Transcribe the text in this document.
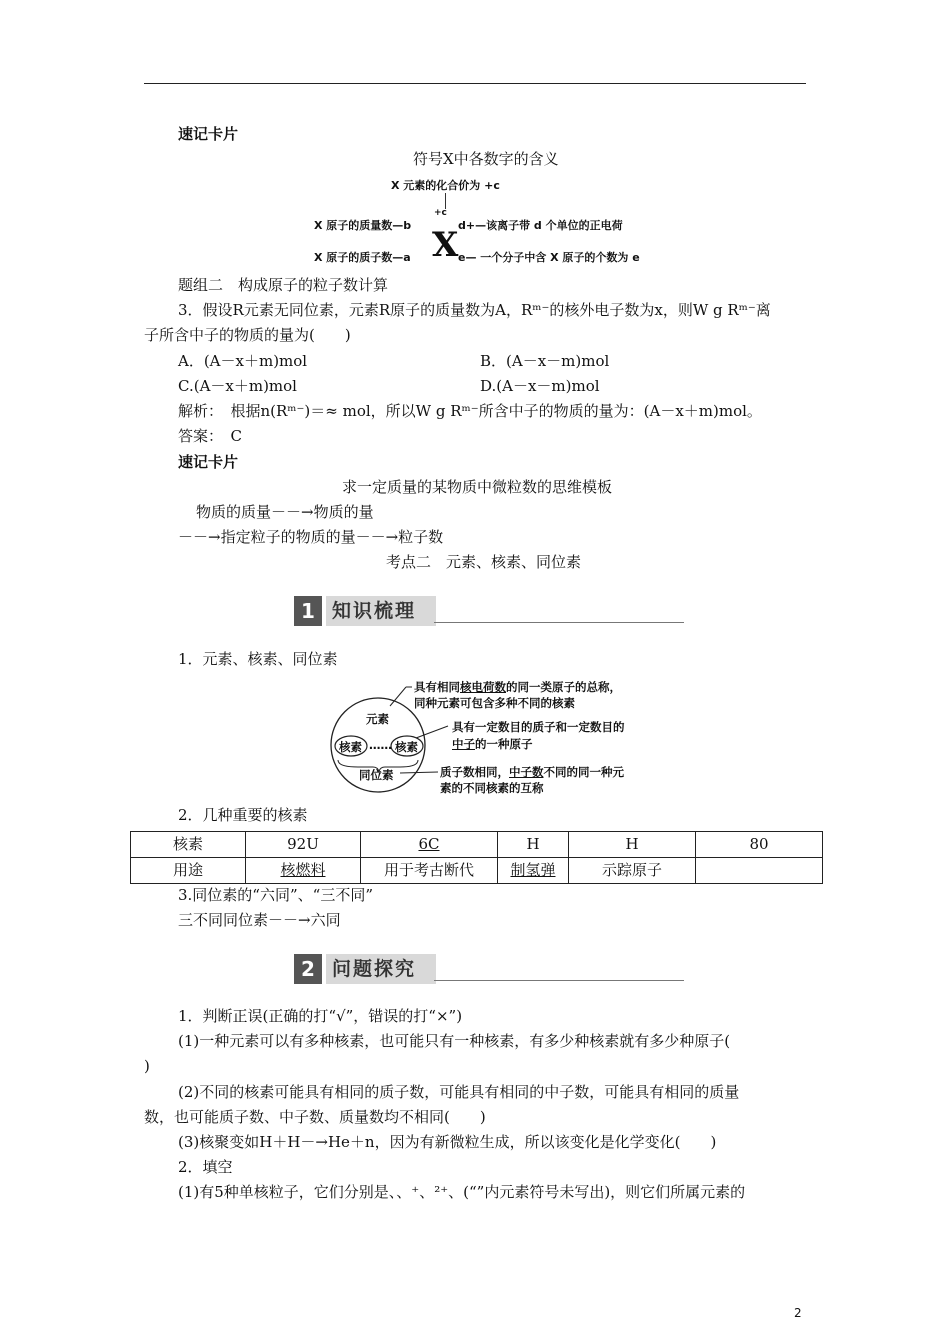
速记卡片
符号X中各数字的含义
X 元素的化合价为 +c
+c
X 原子的质量数—b	d+—该离子带 d 个单位的正电荷
X
X 原子的质子数—a	e— 一个分子中含 X 原子的个数为 e
题组二　构成原子的粒子数计算
3．假设R元素无同位素，元素R原子的质量数为A，Rᵐ⁻的核外电子数为x，则W g Rᵐ⁻离
子所含中子的物质的量为(　　)
A．(A－x＋m)mol	B．(A－x－m)mol
C.(A－x＋m)mol	D.(A－x－m)mol
解析：　根据n(Rᵐ⁻)＝≈ mol，所以W g Rᵐ⁻所含中子的物质的量为：(A－x＋m)mol。
答案：　C
速记卡片
求一定质量的某物质中微粒数的思维模板
物质的质量－－→物质的量
－－→指定粒子的物质的量－－→粒子数
考点二　元素、核素、同位素
1 知识梳理
1．元素、核素、同位素
元素
核素 …… 核素
同位素
具有相同核电荷数的同一类原子的总称，
同种元素可包含多种不同的核素
具有一定数目的质子和一定数目的
中子的一种原子
质子数相同，中子数不同的同一种元
素的不同核素的互称
2．几种重要的核素
核素	92U	6C	H	H	80
用途	核燃料	用于考古断代	制氢弹	示踪原子	
3.同位素的“六同”、“三不同”
三不同同位素－－→六同
2 问题探究
1．判断正误(正确的打“√”，错误的打“×”)
(1)一种元素可以有多种核素，也可能只有一种核素，有多少种核素就有多少种原子(
)
(2)不同的核素可能具有相同的质子数，可能具有相同的中子数，可能具有相同的质量
数，也可能质子数、中子数、质量数均不相同(　　)
(3)核聚变如H＋H－→He＋n，因为有新微粒生成，所以该变化是化学变化(　　)
2．填空
(1)有5种单核粒子，它们分别是、、⁺、²⁺、(“”内元素符号未写出)，则它们所属元素的
2
